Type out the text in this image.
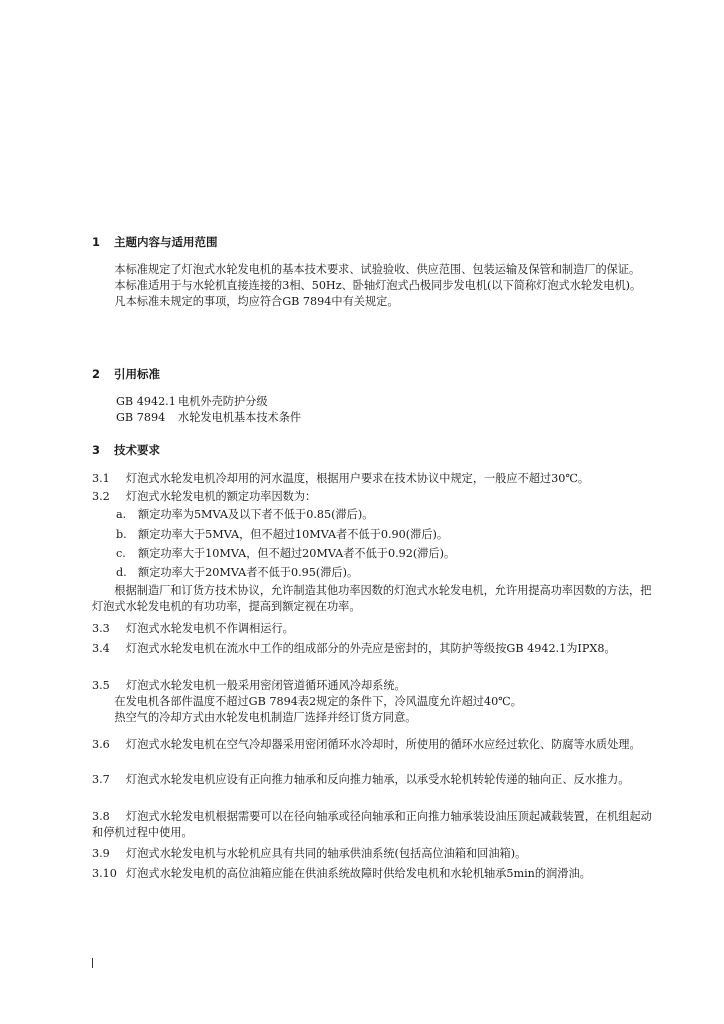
1 主题内容与适用范围

本标准规定了灯泡式水轮发电机的基本技术要求、试验验收、供应范围、包装运输及保管和制造厂的保证。

本标准适用于与水轮机直接连接的3相、50Hz、卧轴灯泡式凸极同步发电机(以下简称灯泡式水轮发电机)。

凡本标准未规定的事项，均应符合GB 7894中有关规定。

2 引用标准
GB 4942.1 电机外壳防护分级
GB 7894	水轮发电机基本技术条件
3 技术要求
3.1	灯泡式水轮发电机冷却用的河水温度，根据用户要求在技术协议中规定，一般应不超过30℃。
3.2	灯泡式水轮发电机的额定功率因数为：
a.	额定功率为5MVA及以下者不低于0.85(滞后)。
b.	额定功率大于5MVA，但不超过10MVA者不低于0.90(滞后)。
c.	额定功率大于10MVA，但不超过20MVA者不低于0.92(滞后)。
d.	额定功率大于20MVA者不低于0.95(滞后)。

根据制造厂和订货方技术协议，允许制造其他功率因数的灯泡式水轮发电机，允许用提高功率因数的方法，把灯泡式水轮发电机的有功功率，提高到额定视在功率。

3.3	灯泡式水轮发电机不作调相运行。

3.4 灯泡式水轮发电机在流水中工作的组成部分的外壳应是密封的，其防护等级按GB 4942.1为IPX8。

3.5	灯泡式水轮发电机一般采用密闭管道循环通风冷却系统。

在发电机各部件温度不超过GB 7894表2规定的条件下，冷风温度允许超过40℃。

热空气的冷却方式由水轮发电机制造厂选择并经订货方同意。

3.6 灯泡式水轮发电机在空气冷却器采用密闭循环水冷却时，所使用的循环水应经过软化、防腐等水质处理。

3.7 灯泡式水轮发电机应设有正向推力轴承和反向推力轴承，以承受水轮机转轮传递的轴向正、反水推力。

3.8 灯泡式水轮发电机根据需要可以在径向轴承或径向轴承和正向推力轴承装设油压顶起减载装置，在机组起动和停机过程中使用。

3.9	灯泡式水轮发电机与水轮机应具有共同的轴承供油系统(包括高位油箱和回油箱)。
3.10 灯泡式水轮发电机的高位油箱应能在供油系统故障时供给发电机和水轮机轴承5min的润滑油。
